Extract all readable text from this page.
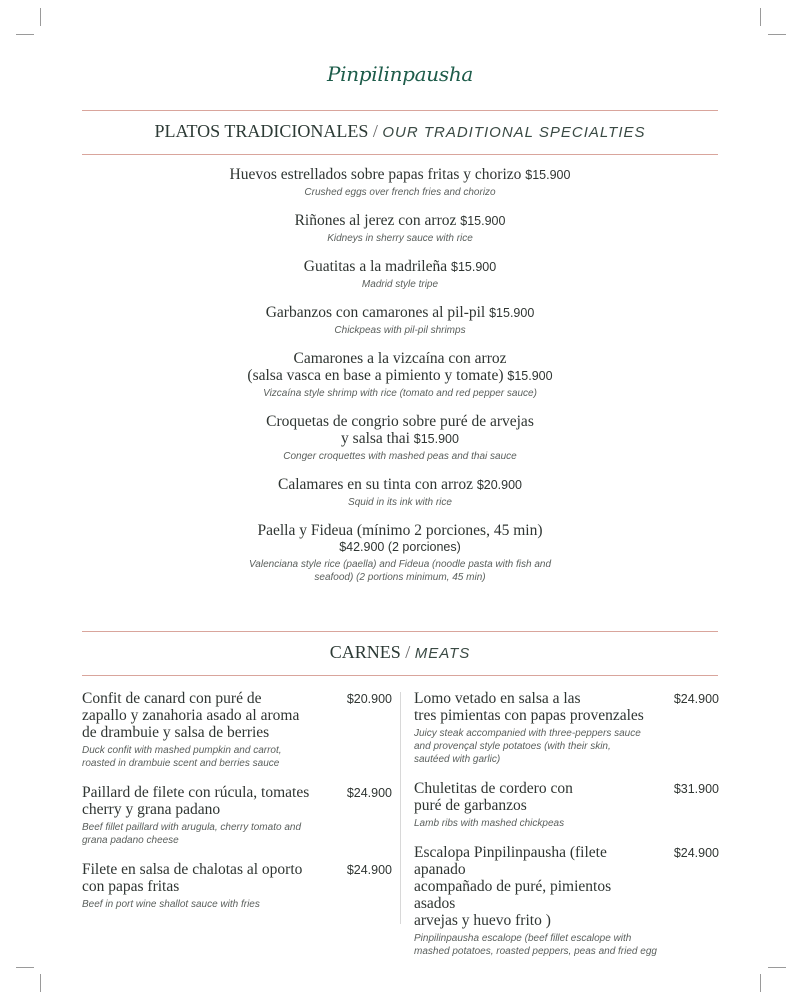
Pinpilinpausha
PLATOS TRADICIONALES / OUR TRADITIONAL SPECIALTIES
Huevos estrellados sobre papas fritas y chorizo $15.900
Crushed eggs over french fries and chorizo
Riñones al jerez con arroz $15.900
Kidneys in sherry sauce with rice
Guatitas a la madrileña $15.900
Madrid style tripe
Garbanzos con camarones al pil-pil $15.900
Chickpeas with pil-pil shrimps
Camarones a la vizcaína con arroz
(salsa vasca en base a pimiento y tomate) $15.900
Vizcaína style shrimp with rice (tomato and red pepper sauce)
Croquetas de congrio sobre puré de arvejas
y salsa thai $15.900
Conger croquettes with mashed peas and thai sauce
Calamares en su tinta con arroz $20.900
Squid in its ink with rice
Paella y Fideua (mínimo 2 porciones, 45 min)
$42.900 (2 porciones)
Valenciana style rice (paella) and Fideua (noodle pasta with fish and
seafood) (2 portions minimum, 45 min)
CARNES / MEATS
Confit de canard con puré de
zapallo y zanahoria asado al aroma
de drambuie y salsa de berries
$20.900
Duck confit with mashed pumpkin and carrot,
roasted in drambuie scent and berries sauce
Paillard de filete con rúcula, tomates
cherry y grana padano
$24.900
Beef fillet paillard with arugula, cherry tomato and
grana padano cheese
Filete en salsa de chalotas al oporto
con papas fritas
$24.900
Beef in port wine shallot sauce with fries
Lomo vetado en salsa a las
tres pimientas con papas provenzales
$24.900
Juicy steak accompanied with three-peppers sauce
and provençal style potatoes (with their skin,
sautéed with garlic)
Chuletitas de cordero con
puré de garbanzos
$31.900
Lamb ribs with mashed chickpeas
Escalopa Pinpilinpausha (filete apanado
acompañado de puré, pimientos asados
arvejas y huevo frito )
$24.900
Pinpilinpausha escalope (beef fillet escalope with
mashed potatoes, roasted peppers, peas and fried egg
